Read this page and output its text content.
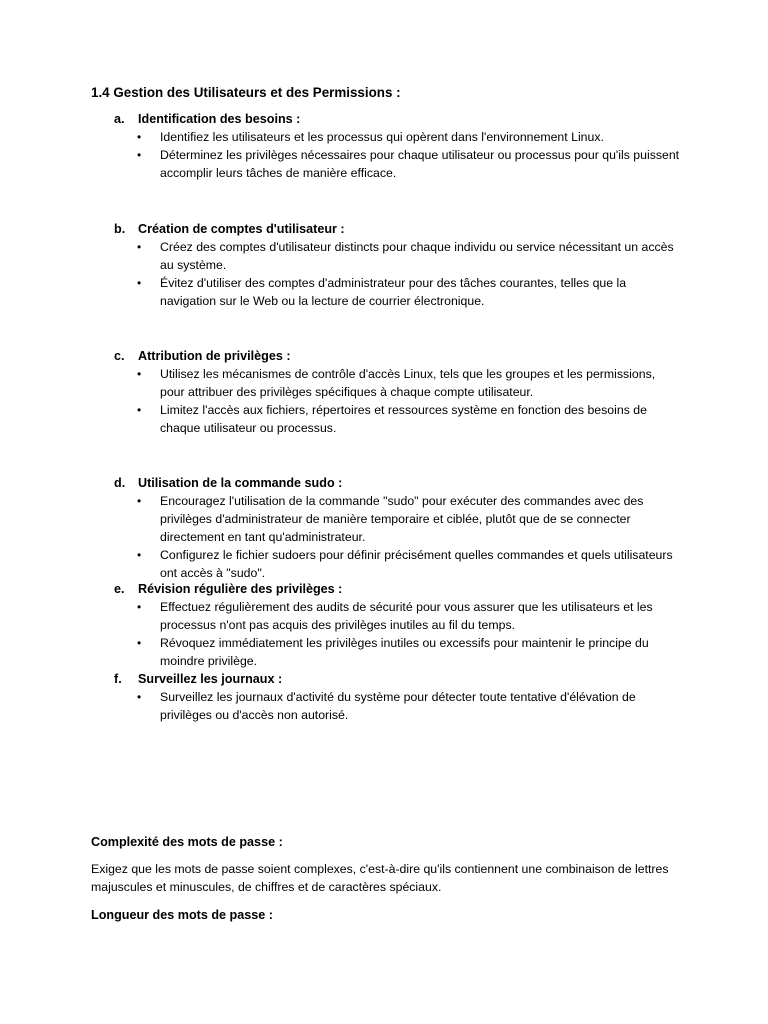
1.4 Gestion des Utilisateurs et des Permissions :
a. Identification des besoins :
• Identifiez les utilisateurs et les processus qui opèrent dans l'environnement Linux.
• Déterminez les privilèges nécessaires pour chaque utilisateur ou processus pour qu'ils puissent accomplir leurs tâches de manière efficace.
b. Création de comptes d'utilisateur :
• Créez des comptes d'utilisateur distincts pour chaque individu ou service nécessitant un accès au système.
• Évitez d'utiliser des comptes d'administrateur pour des tâches courantes, telles que la navigation sur le Web ou la lecture de courrier électronique.
c. Attribution de privilèges :
• Utilisez les mécanismes de contrôle d'accès Linux, tels que les groupes et les permissions, pour attribuer des privilèges spécifiques à chaque compte utilisateur.
• Limitez l'accès aux fichiers, répertoires et ressources système en fonction des besoins de chaque utilisateur ou processus.
d. Utilisation de la commande sudo :
• Encouragez l'utilisation de la commande "sudo" pour exécuter des commandes avec des privilèges d'administrateur de manière temporaire et ciblée, plutôt que de se connecter directement en tant qu'administrateur.
• Configurez le fichier sudoers pour définir précisément quelles commandes et quels utilisateurs ont accès à "sudo".
e. Révision régulière des privilèges :
• Effectuez régulièrement des audits de sécurité pour vous assurer que les utilisateurs et les processus n'ont pas acquis des privilèges inutiles au fil du temps.
• Révoquez immédiatement les privilèges inutiles ou excessifs pour maintenir le principe du moindre privilège.
f. Surveillez les journaux :
• Surveillez les journaux d'activité du système pour détecter toute tentative d'élévation de privilèges ou d'accès non autorisé.
Complexité des mots de passe :

Exigez que les mots de passe soient complexes, c'est-à-dire qu'ils contiennent une combinaison de lettres majuscules et minuscules, de chiffres et de caractères spéciaux.

Longueur des mots de passe :
